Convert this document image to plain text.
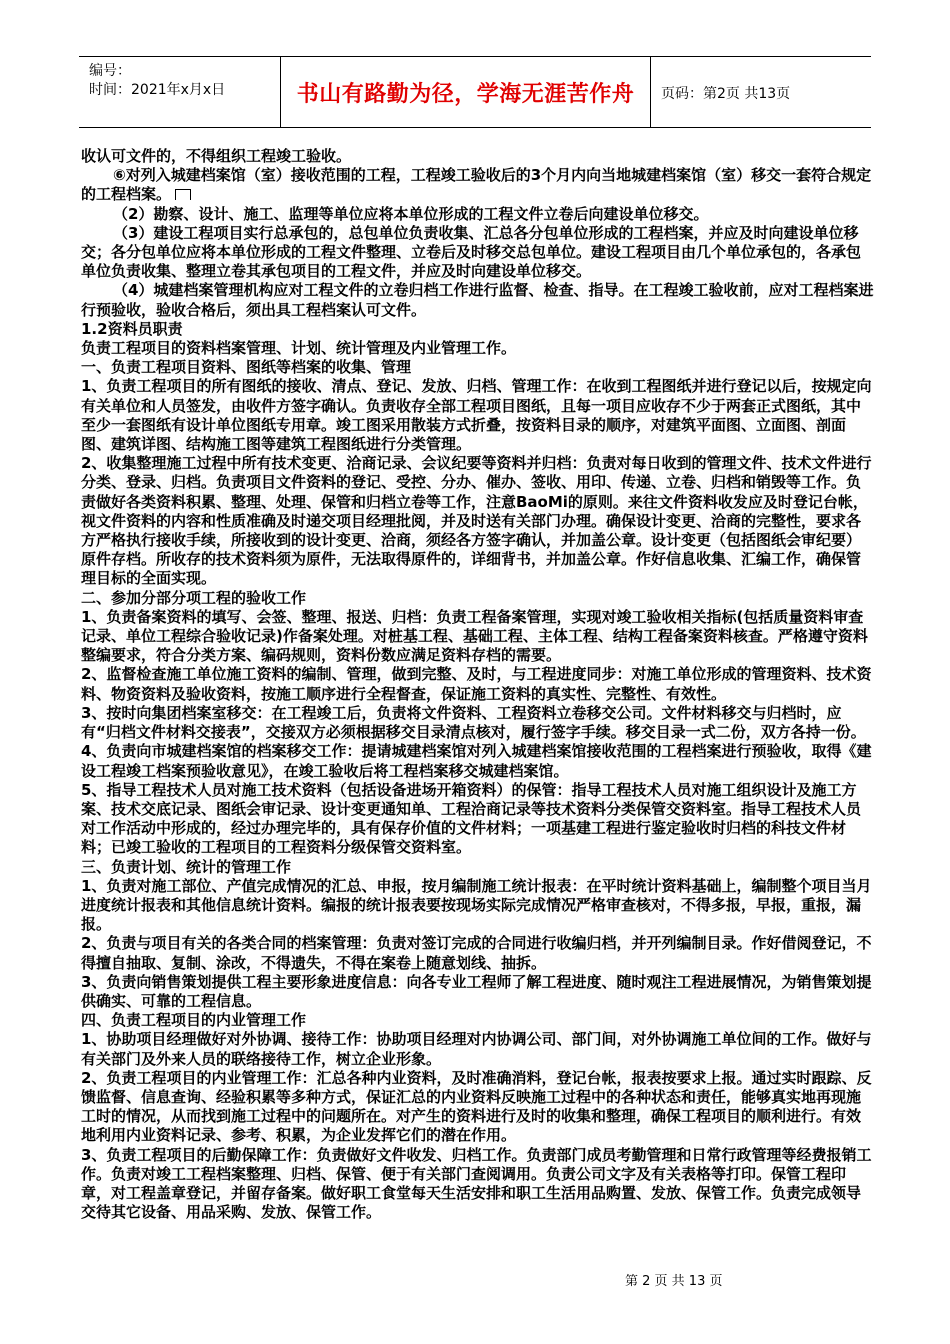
编号：
时间：2021年x月x日	书山有路勤为径，学海无涯苦作舟	页码：第2页 共13页

收认可文件的，不得组织工程竣工验收。

⑥对列入城建档案馆（室）接收范围的工程，工程竣工验收后的3个月内向当地城建档案馆（室）移交一套符合规定的工程档案。

（2）勘察、设计、施工、监理等单位应将本单位形成的工程文件立卷后向建设单位移交。

（3）建设工程项目实行总承包的，总包单位负责收集、汇总各分包单位形成的工程档案，并应及时向建设单位移交；各分包单位应将本单位形成的工程文件整理、立卷后及时移交总包单位。建设工程项目由几个单位承包的，各承包单位负责收集、整理立卷其承包项目的工程文件，并应及时向建设单位移交。

（4）城建档案管理机构应对工程文件的立卷归档工作进行监督、检查、指导。在工程竣工验收前，应对工程档案进行预验收，验收合格后，须出具工程档案认可文件。

1.2资料员职责

负责工程项目的资料档案管理、计划、统计管理及内业管理工作。

一、负责工程项目资料、图纸等档案的收集、管理

1、负责工程项目的所有图纸的接收、清点、登记、发放、归档、管理工作：在收到工程图纸并进行登记以后，按规定向有关单位和人员签发，由收件方签字确认。负责收存全部工程项目图纸，且每一项目应收存不少于两套正式图纸，其中至少一套图纸有设计单位图纸专用章。竣工图采用散装方式折叠，按资料目录的顺序，对建筑平面图、立面图、剖面图、建筑详图、结构施工图等建筑工程图纸进行分类管理。

2、收集整理施工过程中所有技术变更、洽商记录、会议纪要等资料并归档：负责对每日收到的管理文件、技术文件进行分类、登录、归档。负责项目文件资料的登记、受控、分办、催办、签收、用印、传递、立卷、归档和销毁等工作。负责做好各类资料积累、整理、处理、保管和归档立卷等工作，注意BaoMi的原则。来往文件资料收发应及时登记台帐，视文件资料的内容和性质准确及时递交项目经理批阅，并及时送有关部门办理。确保设计变更、洽商的完整性，要求各方严格执行接收手续，所接收到的设计变更、洽商，须经各方签字确认，并加盖公章。设计变更（包括图纸会审纪要）原件存档。所收存的技术资料须为原件，无法取得原件的，详细背书，并加盖公章。作好信息收集、汇编工作，确保管理目标的全面实现。

二、参加分部分项工程的验收工作

1、负责备案资料的填写、会签、整理、报送、归档：负责工程备案管理，实现对竣工验收相关指标(包括质量资料审查记录、单位工程综合验收记录)作备案处理。对桩基工程、基础工程、主体工程、结构工程备案资料核查。严格遵守资料整编要求，符合分类方案、编码规则，资料份数应满足资料存档的需要。

2、监督检查施工单位施工资料的编制、管理，做到完整、及时，与工程进度同步：对施工单位形成的管理资料、技术资料、物资资料及验收资料，按施工顺序进行全程督查，保证施工资料的真实性、完整性、有效性。

3、按时向集团档案室移交：在工程竣工后，负责将文件资料、工程资料立卷移交公司。文件材料移交与归档时，应有“归档文件材料交接表”，交接双方必须根据移交目录清点核对，履行签字手续。移交目录一式二份，双方各持一份。

4、负责向市城建档案馆的档案移交工作：提请城建档案馆对列入城建档案馆接收范围的工程档案进行预验收，取得《建设工程竣工档案预验收意见》，在竣工验收后将工程档案移交城建档案馆。

5、指导工程技术人员对施工技术资料（包括设备进场开箱资料）的保管：指导工程技术人员对施工组织设计及施工方案、技术交底记录、图纸会审记录、设计变更通知单、工程洽商记录等技术资料分类保管交资料室。指导工程技术人员对工作活动中形成的，经过办理完毕的，具有保存价值的文件材料；一项基建工程进行鉴定验收时归档的科技文件材料；已竣工验收的工程项目的工程资料分级保管交资料室。

三、负责计划、统计的管理工作

1、负责对施工部位、产值完成情况的汇总、申报，按月编制施工统计报表：在平时统计资料基础上，编制整个项目当月进度统计报表和其他信息统计资料。编报的统计报表要按现场实际完成情况严格审查核对，不得多报，早报，重报，漏报。

2、负责与项目有关的各类合同的档案管理：负责对签订完成的合同进行收编归档，并开列编制目录。作好借阅登记，不得擅自抽取、复制、涂改，不得遗失，不得在案卷上随意划线、抽拆。

3、负责向销售策划提供工程主要形象进度信息：向各专业工程师了解工程进度、随时观注工程进展情况，为销售策划提供确实、可靠的工程信息。

四、负责工程项目的内业管理工作

1、协助项目经理做好对外协调、接待工作：协助项目经理对内协调公司、部门间，对外协调施工单位间的工作。做好与有关部门及外来人员的联络接待工作，树立企业形象。

2、负责工程项目的内业管理工作：汇总各种内业资料，及时准确消料，登记台帐，报表按要求上报。通过实时跟踪、反馈监督、信息查询、经验积累等多种方式，保证汇总的内业资料反映施工过程中的各种状态和责任，能够真实地再现施工时的情况，从而找到施工过程中的问题所在。对产生的资料进行及时的收集和整理，确保工程项目的顺利进行。有效地利用内业资料记录、参考、积累，为企业发挥它们的潜在作用。

3、负责工程项目的后勤保障工作：负责做好文件收发、归档工作。负责部门成员考勤管理和日常行政管理等经费报销工作。负责对竣工工程档案整理、归档、保管、便于有关部门查阅调用。负责公司文字及有关表格等打印。保管工程印章，对工程盖章登记，并留存备案。做好职工食堂每天生活安排和职工生活用品购置、发放、保管工作。负责完成领导交待其它设备、用品采购、发放、保管工作。

第 2 页 共 13 页
